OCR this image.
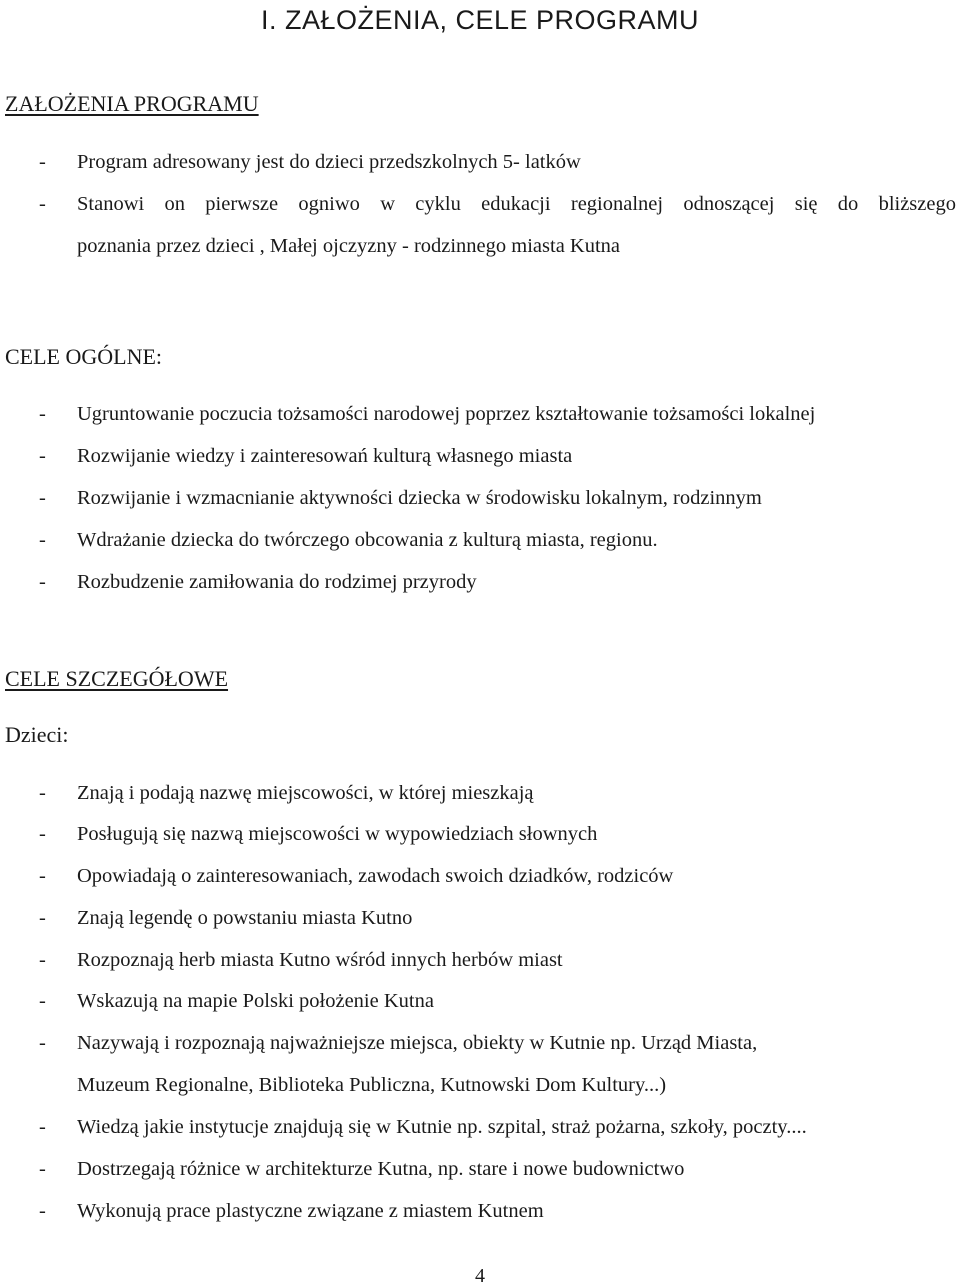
I. ZAŁOŻENIA, CELE PROGRAMU
ZAŁOŻENIA PROGRAMU
- Program adresowany jest do dzieci przedszkolnych 5- latków
- Stanowi on pierwsze ogniwo w cyklu edukacji regionalnej odnoszącej się do bliższego
poznania przez dzieci , Małej ojczyzny - rodzinnego miasta Kutna
CELE OGÓLNE:
- Ugruntowanie poczucia tożsamości narodowej poprzez kształtowanie tożsamości lokalnej
- Rozwijanie wiedzy i zainteresowań kulturą własnego miasta
- Rozwijanie i wzmacnianie aktywności dziecka w środowisku lokalnym, rodzinnym
- Wdrażanie dziecka do twórczego obcowania z kulturą miasta, regionu.
- Rozbudzenie zamiłowania do rodzimej przyrody
CELE SZCZEGÓŁOWE
Dzieci:
- Znają i podają nazwę miejscowości, w której mieszkają
- Posługują się nazwą miejscowości w wypowiedziach słownych
- Opowiadają o zainteresowaniach, zawodach swoich dziadków, rodziców
- Znają legendę o powstaniu miasta Kutno
- Rozpoznają herb miasta Kutno wśród innych herbów miast
- Wskazują na mapie Polski położenie Kutna
- Nazywają i rozpoznają najważniejsze miejsca, obiekty w Kutnie np. Urząd Miasta,
Muzeum Regionalne, Biblioteka Publiczna, Kutnowski Dom Kultury...)
- Wiedzą jakie instytucje znajdują się w Kutnie np. szpital, straż pożarna, szkoły, poczty....
- Dostrzegają różnice w architekturze Kutna, np. stare i nowe budownictwo
- Wykonują prace plastyczne związane z miastem Kutnem
4
